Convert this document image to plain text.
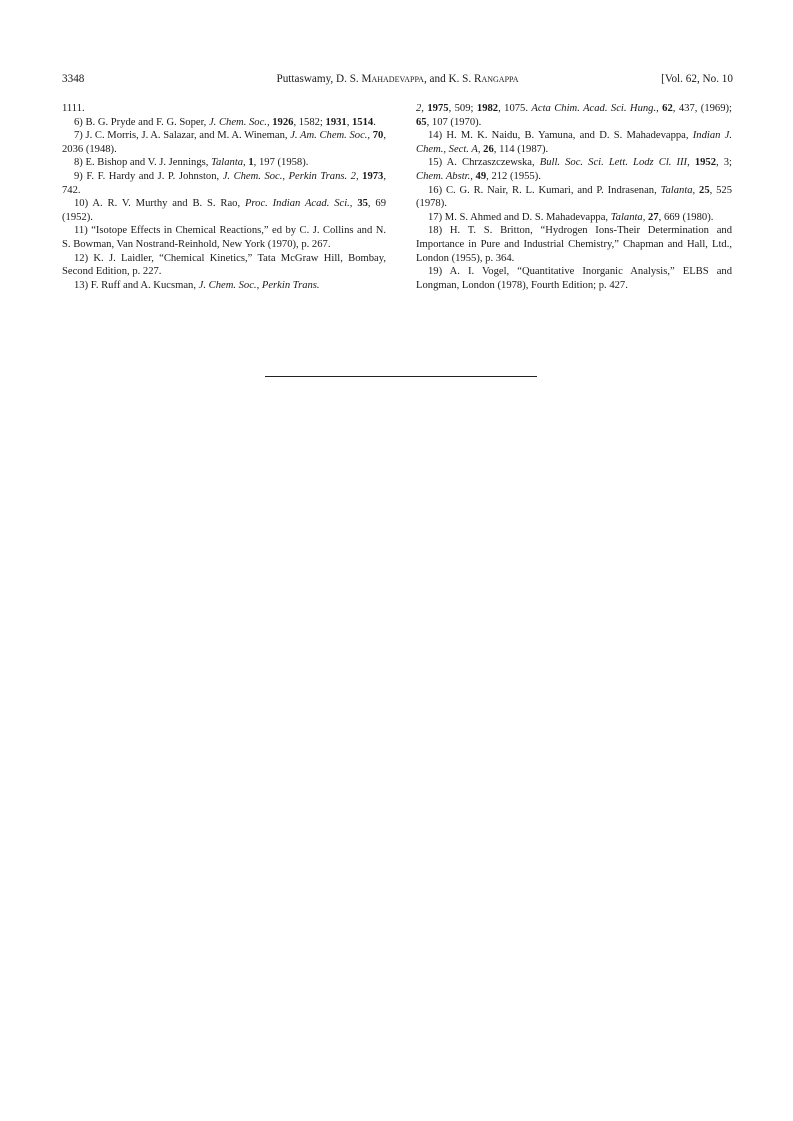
3348	Puttaswamy, D. S. Mahadevappa, and K. S. Rangappa	[Vol. 62, No. 10

1111.

6) B. G. Pryde and F. G. Soper, J. Chem. Soc., 1926, 1582; 1931, 1514.

7) J. C. Morris, J. A. Salazar, and M. A. Wineman, J. Am. Chem. Soc., 70, 2036 (1948).

8) E. Bishop and V. J. Jennings, Talanta, 1, 197 (1958).

9) F. F. Hardy and J. P. Johnston, J. Chem. Soc., Perkin Trans. 2, 1973, 742.

10) A. R. V. Murthy and B. S. Rao, Proc. Indian Acad. Sci., 35, 69 (1952).

11) “Isotope Effects in Chemical Reactions,” ed by C. J. Collins and N. S. Bowman, Van Nostrand-Reinhold, New York (1970), p. 267.

12) K. J. Laidler, “Chemical Kinetics,” Tata McGraw Hill, Bombay, Second Edition, p. 227.

13) F. Ruff and A. Kucsman, J. Chem. Soc., Perkin Trans.

2, 1975, 509; 1982, 1075. Acta Chim. Acad. Sci. Hung., 62, 437, (1969); 65, 107 (1970).

14) H. M. K. Naidu, B. Yamuna, and D. S. Mahadevappa, Indian J. Chem., Sect. A, 26, 114 (1987).

15) A. Chrzaszczewska, Bull. Soc. Sci. Lett. Lodz Cl. III, 1952, 3; Chem. Abstr., 49, 212 (1955).

16) C. G. R. Nair, R. L. Kumari, and P. Indrasenan, Talanta, 25, 525 (1978).

17) M. S. Ahmed and D. S. Mahadevappa, Talanta, 27, 669 (1980).

18) H. T. S. Britton, “Hydrogen Ions-Their Determination and Importance in Pure and Industrial Chemistry,” Chapman and Hall, Ltd., London (1955), p. 364.

19) A. I. Vogel, “Quantitative Inorganic Analysis,” ELBS and Longman, London (1978), Fourth Edition; p. 427.
